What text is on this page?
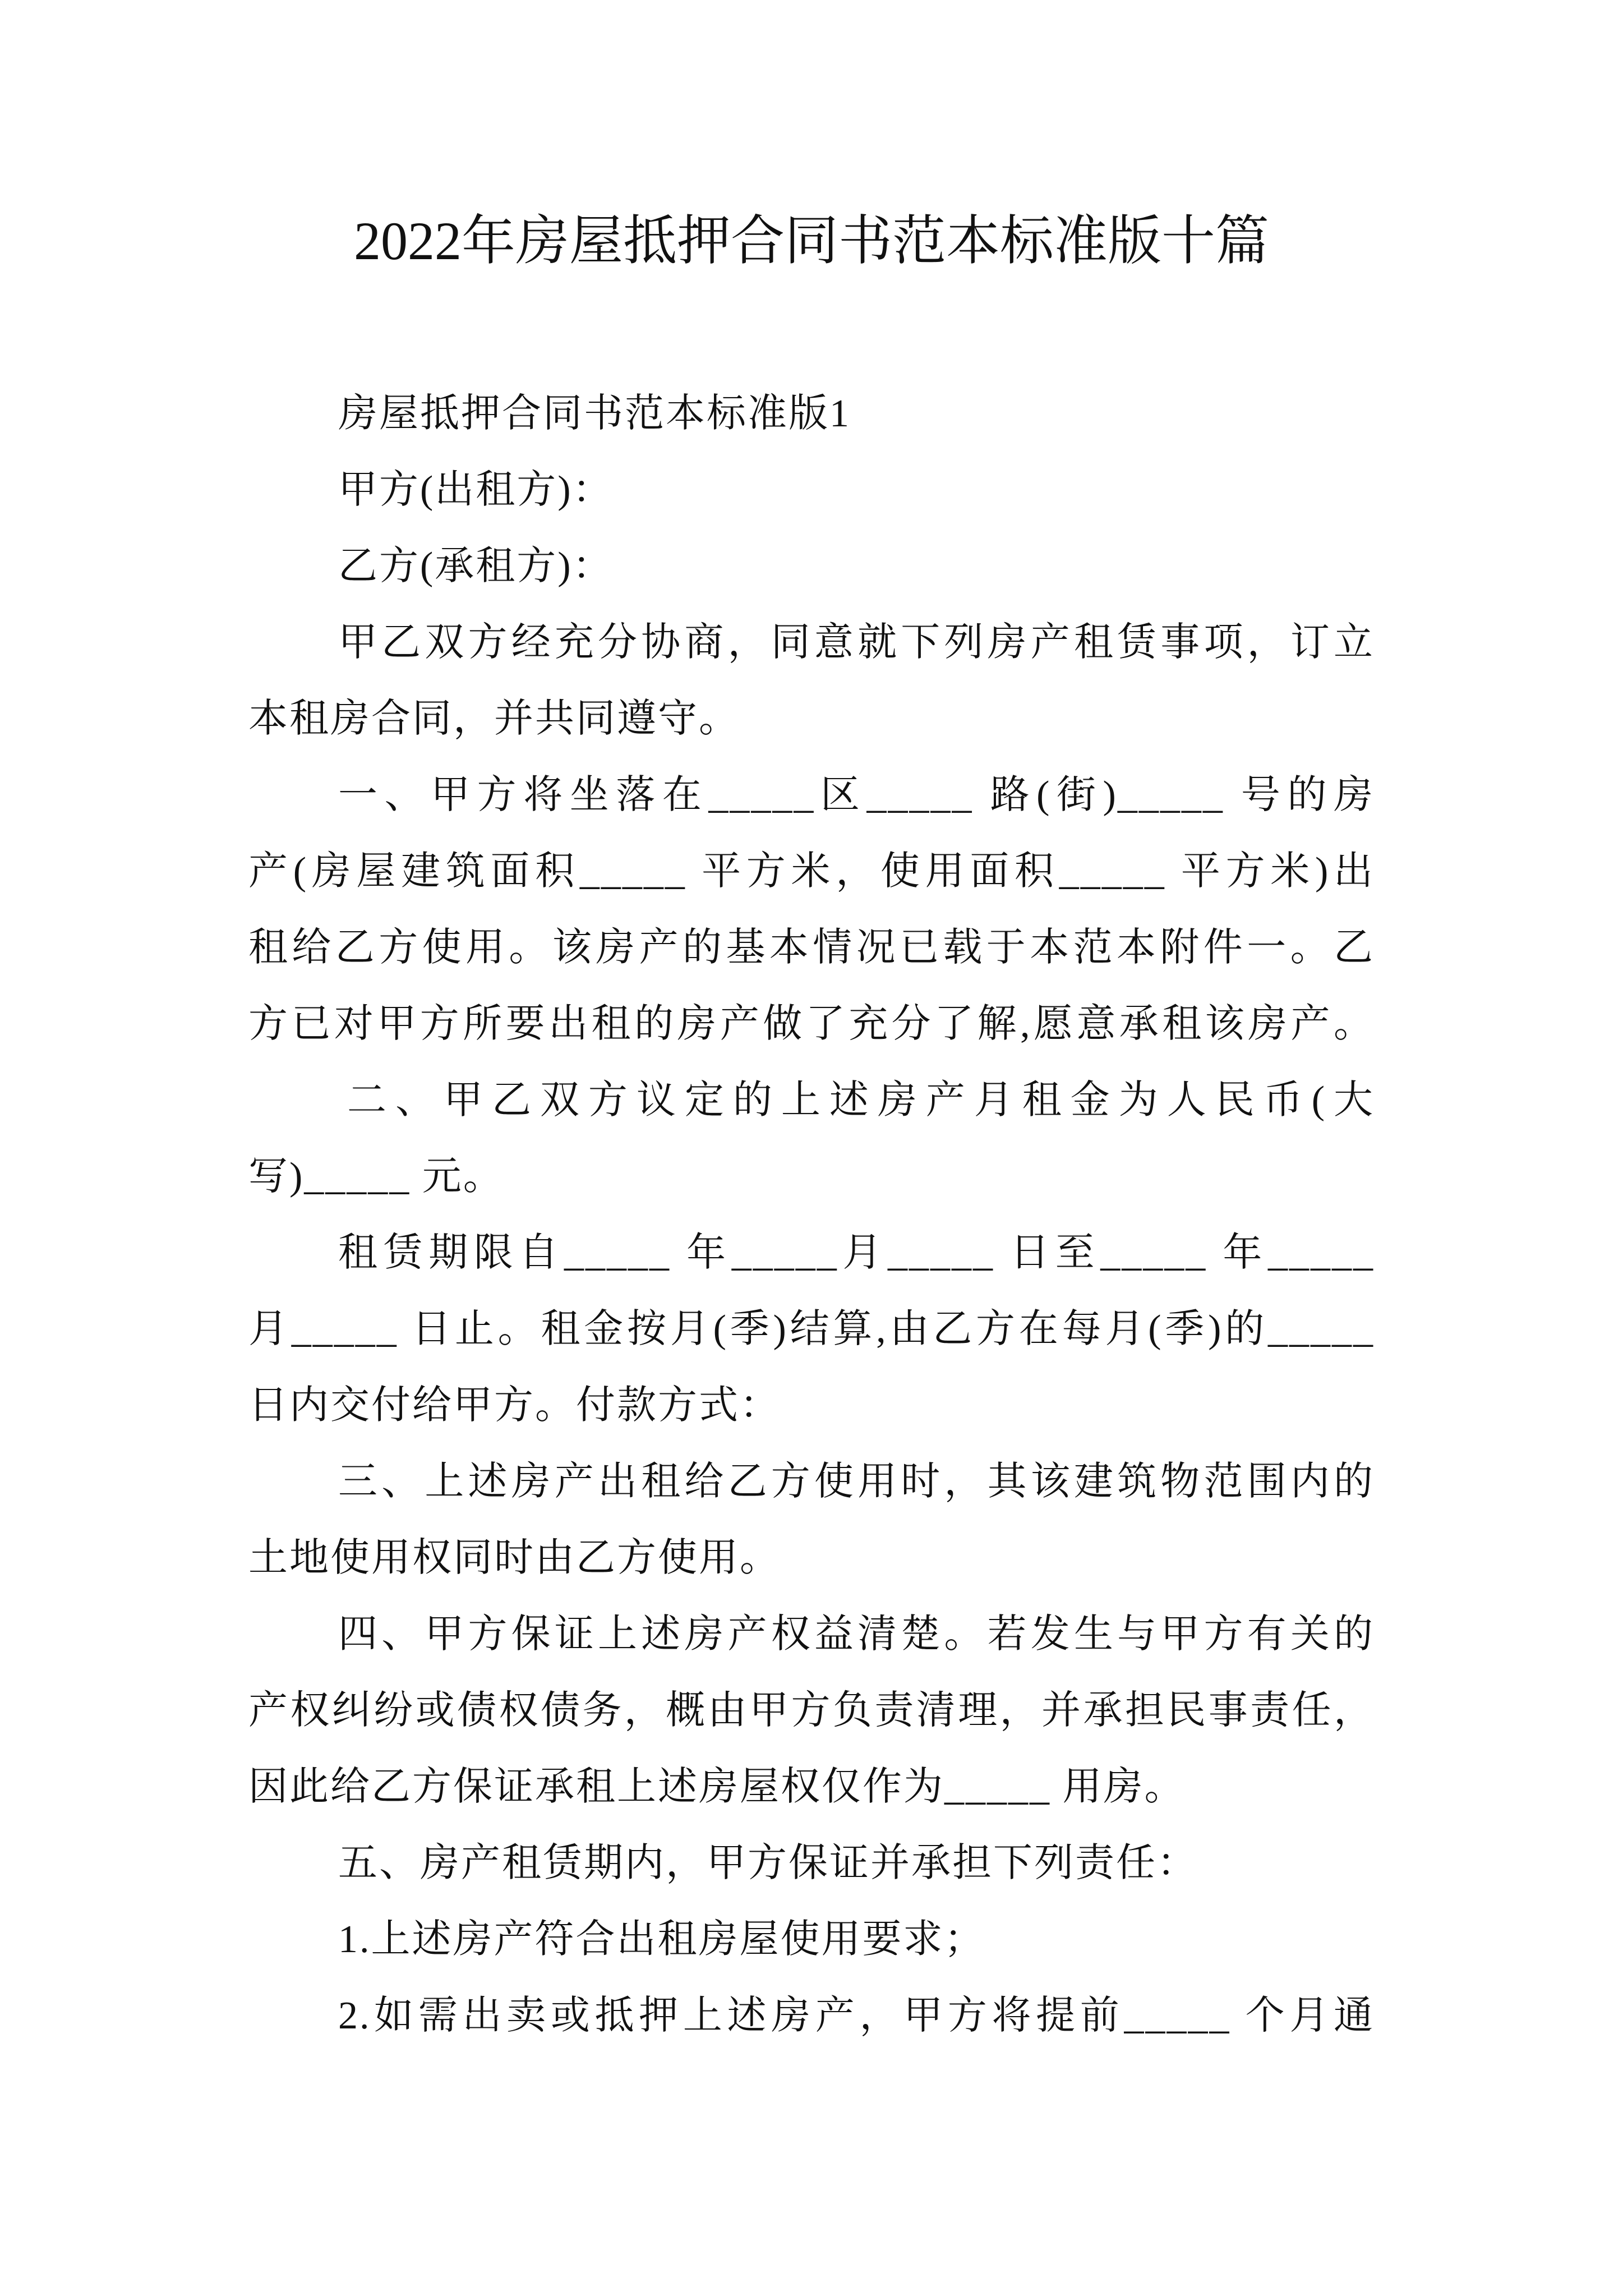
2022年房屋抵押合同书范本标准版十篇
房屋抵押合同书范本标准版1
甲方(出租方)：
乙方(承租方)：
甲乙双方经充分协商，同意就下列房产租赁事项，订立
本租房合同，并共同遵守。
一、甲方将坐落在_____区_____ 路(街)_____ 号的房
产(房屋建筑面积_____ 平方米，使用面积_____ 平方米)出
租给乙方使用。该房产的基本情况已载于本范本附件一。乙
方已对甲方所要出租的房产做了充分了解,愿意承租该房产。
二、甲乙双方议定的上述房产月租金为人民币(大
写)_____ 元。
租赁期限自_____ 年_____月_____ 日至_____ 年_____
月_____ 日止。租金按月(季)结算,由乙方在每月(季)的_____
日内交付给甲方。付款方式：
三、上述房产出租给乙方使用时，其该建筑物范围内的
土地使用权同时由乙方使用。
四、甲方保证上述房产权益清楚。若发生与甲方有关的
产权纠纷或债权债务，概由甲方负责清理，并承担民事责任，
因此给乙方保证承租上述房屋权仅作为_____ 用房。
五、房产租赁期内，甲方保证并承担下列责任：
1.上述房产符合出租房屋使用要求；
2.如需出卖或抵押上述房产，甲方将提前_____ 个月通
